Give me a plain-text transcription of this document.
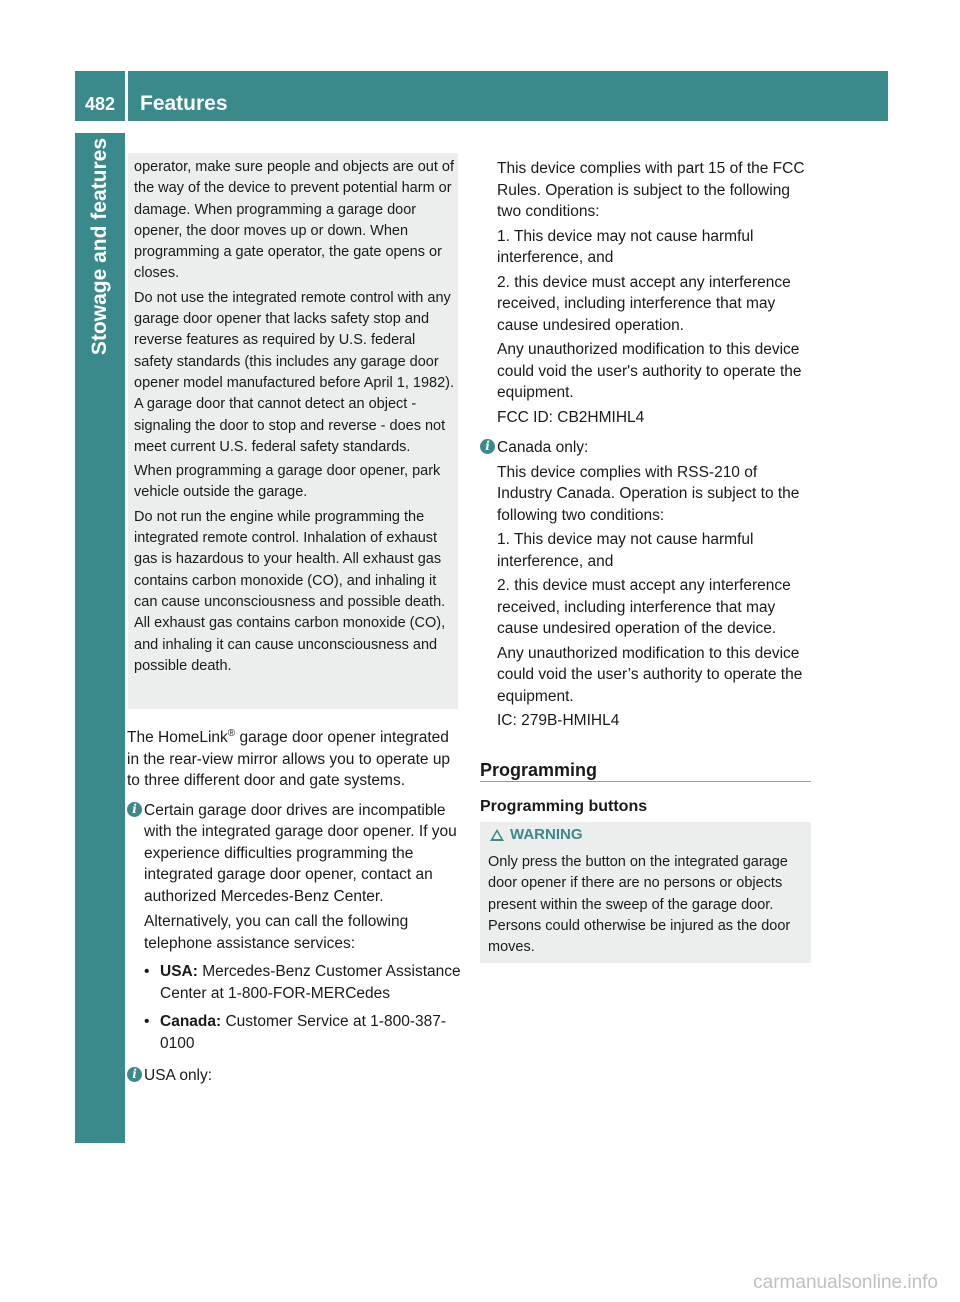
482	Features
Stowage and features operator, make sure people and objects are out of the way of the device to prevent potential harm or damage. When programming a garage door opener, the door moves up or down. When programming a gate operator, the gate opens or closes.

Do not use the integrated remote control with any garage door opener that lacks safety stop and reverse features as required by U.S. federal safety standards (this includes any garage door opener model manufactured before April 1, 1982). A garage door that cannot detect an object - signaling the door to stop and reverse - does not meet current U.S. federal safety standards.

When programming a garage door opener, park vehicle outside the garage.

Do not run the engine while programming the integrated remote control. Inhalation of exhaust gas is hazardous to your health. All exhaust gas contains carbon monoxide (CO), and inhaling it can cause unconsciousness and possible death. All exhaust gas contains carbon monoxide (CO), and inhaling it can cause unconsciousness and possible death.

The HomeLink® garage door opener integrated in the rear-view mirror allows you to operate up to three different door and gate systems.

i Certain garage door drives are incompatible with the integrated garage door opener. If you experience difficulties programming the integrated garage door opener, contact an authorized Mercedes-Benz Center.

Alternatively, you can call the following telephone assistance services:

• USA: Mercedes-Benz Customer Assistance Center at 1-800-FOR-MERCedes
• Canada: Customer Service at 1-800-387-0100
i USA only:

This device complies with part 15 of the FCC Rules. Operation is subject to the following two conditions:

1. This device may not cause harmful interference, and

2. this device must accept any interference received, including interference that may cause undesired operation.

Any unauthorized modification to this device could void the user's authority to operate the equipment.

FCC ID: CB2HMIHL4

i Canada only:

This device complies with RSS-210 of Industry Canada. Operation is subject to the following two conditions:

1. This device may not cause harmful interference, and

2. this device must accept any interference received, including interference that may cause undesired operation of the device.

Any unauthorized modification to this device could void the user’s authority to operate the equipment.

IC: 279B-HMIHL4

Programming
Programming buttons
WARNING
Only press the button on the integrated garage door opener if there are no persons or objects present within the sweep of the garage door. Persons could otherwise be injured as the door moves.
carmanualsonline.info
